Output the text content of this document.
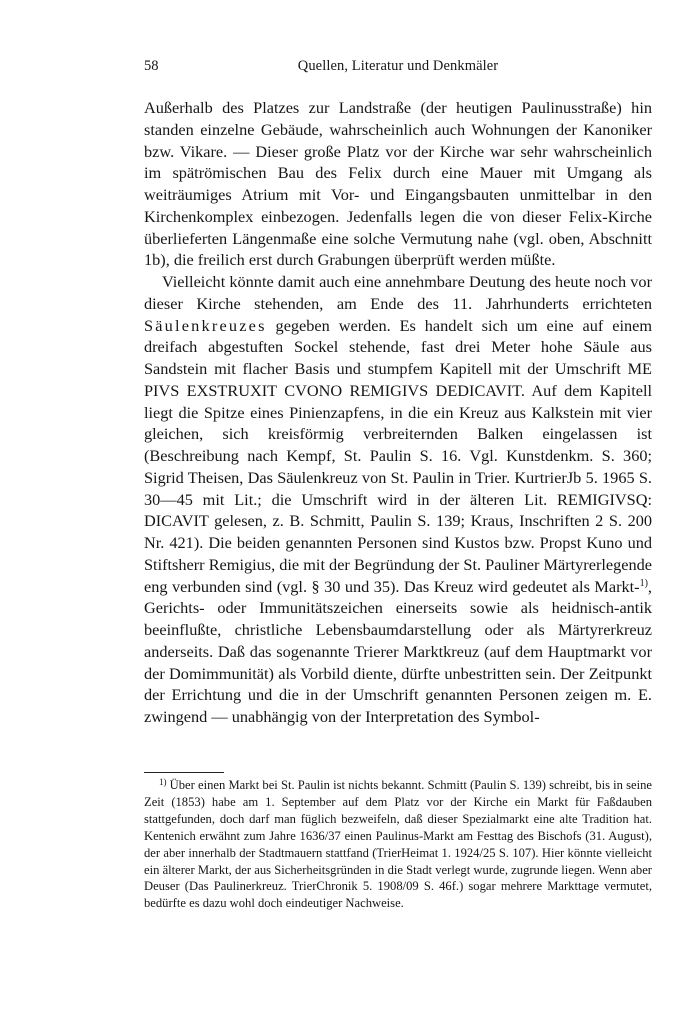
58	Quellen, Literatur und Denkmäler

Außerhalb des Platzes zur Landstraße (der heutigen Paulinusstraße) hin standen einzelne Gebäude, wahrscheinlich auch Wohnungen der Kanoniker bzw. Vikare. — Dieser große Platz vor der Kirche war sehr wahrscheinlich im spätrömischen Bau des Felix durch eine Mauer mit Umgang als weiträumiges Atrium mit Vor- und Eingangsbauten unmittelbar in den Kirchenkomplex einbezogen. Jedenfalls legen die von dieser Felix-Kirche überlieferten Längenmaße eine solche Vermutung nahe (vgl. oben, Abschnitt 1b), die freilich erst durch Grabungen überprüft werden müßte.

Vielleicht könnte damit auch eine annehmbare Deutung des heute noch vor dieser Kirche stehenden, am Ende des 11. Jahrhunderts errichteten Säulenkreuzes gegeben werden. Es handelt sich um eine auf einem dreifach abgestuften Sockel stehende, fast drei Meter hohe Säule aus Sandstein mit flacher Basis und stumpfem Kapitell mit der Umschrift ME PIVS EXSTRUXIT CVONO REMIGIVS DEDICAVIT. Auf dem Kapitell liegt die Spitze eines Pinienzapfens, in die ein Kreuz aus Kalkstein mit vier gleichen, sich kreisförmig verbreiternden Balken eingelassen ist (Beschreibung nach Kempf, St. Paulin S. 16. Vgl. Kunstdenkm. S. 360; Sigrid Theisen, Das Säulenkreuz von St. Paulin in Trier. KurtrierJb 5. 1965 S. 30—45 mit Lit.; die Umschrift wird in der älteren Lit. REMIGIVSQ: DICAVIT gelesen, z. B. Schmitt, Paulin S. 139; Kraus, Inschriften 2 S. 200 Nr. 421). Die beiden genannten Personen sind Kustos bzw. Propst Kuno und Stiftsherr Remigius, die mit der Begründung der St. Pauliner Märtyrerlegende eng verbunden sind (vgl. § 30 und 35). Das Kreuz wird gedeutet als Markt-$^{1)}$, Gerichts- oder Immunitätszeichen einerseits sowie als heidnisch-antik beeinflußte, christliche Lebensbaumdarstellung oder als Märtyrerkreuz anderseits. Daß das sogenannte Trierer Marktkreuz (auf dem Hauptmarkt vor der Domimmunität) als Vorbild diente, dürfte unbestritten sein. Der Zeitpunkt der Errichtung und die in der Umschrift genannten Personen zeigen m. E. zwingend — unabhängig von der Interpretation des Symbol-

$^{1)}$ Über einen Markt bei St. Paulin ist nichts bekannt. Schmitt (Paulin S. 139) schreibt, bis in seine Zeit (1853) habe am 1. September auf dem Platz vor der Kirche ein Markt für Faßdauben stattgefunden, doch darf man füglich bezweifeln, daß dieser Spezialmarkt eine alte Tradition hat. Kentenich erwähnt zum Jahre 1636/37 einen Paulinus-Markt am Festtag des Bischofs (31. August), der aber innerhalb der Stadtmauern stattfand (TrierHeimat 1. 1924/25 S. 107). Hier könnte vielleicht ein älterer Markt, der aus Sicherheitsgründen in die Stadt verlegt wurde, zugrunde liegen. Wenn aber Deuser (Das Paulinerkreuz. TrierChronik 5. 1908/09 S. 46f.) sogar mehrere Markttage vermutet, bedürfte es dazu wohl doch eindeutiger Nachweise.
